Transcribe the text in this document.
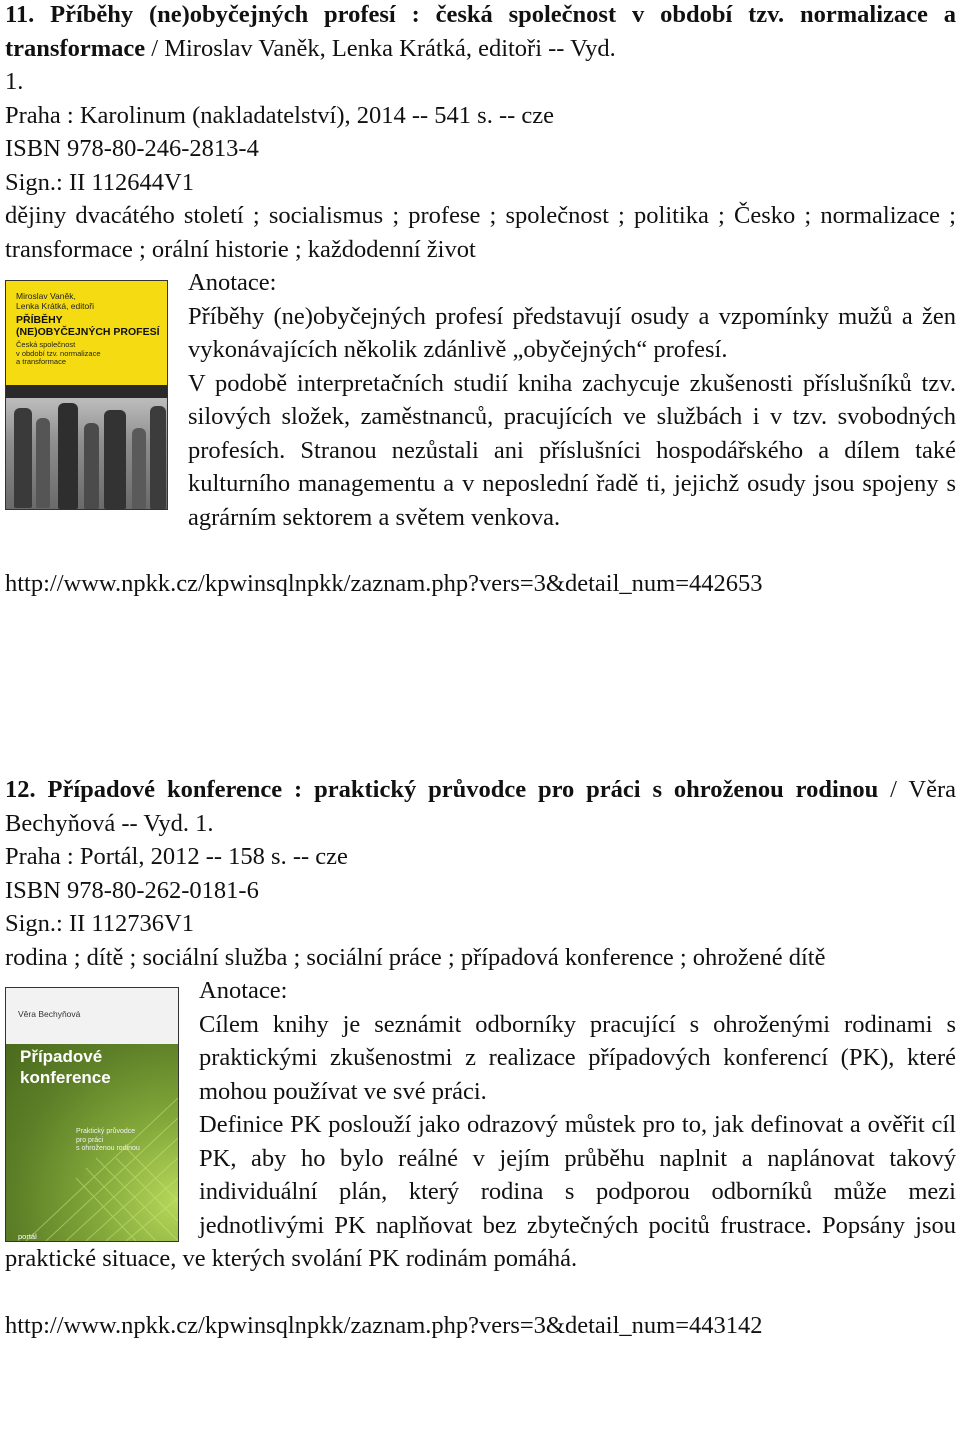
11. Příběhy (ne)obyčejných profesí : česká společnost v období tzv. normalizace a transformace / Miroslav Vaněk, Lenka Krátká, editoři -- Vyd.
1.
Praha : Karolinum (nakladatelství), 2014 -- 541 s. -- cze
ISBN 978-80-246-2813-4
Sign.: II 112644V1
dějiny dvacátého století ; socialismus ; profese ; společnost ; politika ; Česko ; normalizace ; transformace ; orální historie ; každodenní život
Miroslav Vaněk,
Lenka Krátká, editoři
PŘÍBĚHY
(NE)OBYČEJNÝCH PROFESÍ
Česká společnost
v období tzv. normalizace
a transformace
Anotace:
Příběhy (ne)obyčejných profesí představují osudy a vzpomínky mužů a žen vykonávajících několik zdánlivě „obyčejných“ profesí.
V podobě interpretačních studií kniha zachycuje zkušenosti příslušníků tzv. silových složek, zaměstnanců, pracujících ve službách i v tzv. svobodných profesích. Stranou nezůstali ani příslušníci hospodářského a dílem také kulturního managementu a v neposlední řadě ti, jejichž osudy jsou spojeny s agrárním sektorem a světem venkova.
http://www.npkk.cz/kpwinsqlnpkk/zaznam.php?vers=3&detail_num=442653
12. Případové konference : praktický průvodce pro práci s ohroženou rodinou / Věra Bechyňová -- Vyd. 1.
Praha : Portál, 2012 -- 158 s. -- cze
ISBN 978-80-262-0181-6
Sign.: II 112736V1
rodina ; dítě ; sociální služba ; sociální práce ; případová konference ; ohrožené dítě
Věra Bechyňová
Případové
konference
Praktický průvodce
pro práci
s ohroženou rodinou
portál
Anotace:
Cílem knihy je seznámit odborníky pracující s ohroženými rodinami s praktickými zkušenostmi z realizace případových konferencí (PK), které mohou používat ve své práci.
Definice PK poslouží jako odrazový můstek pro to, jak definovat a ověřit cíl PK, aby ho bylo reálné v jejím průběhu naplnit a naplánovat takový individuální plán, který rodina s podporou odborníků může mezi jednotlivými PK naplňovat bez zbytečných pocitů frustrace. Popsány jsou praktické situace, ve kterých svolání PK rodinám pomáhá.
http://www.npkk.cz/kpwinsqlnpkk/zaznam.php?vers=3&detail_num=443142
